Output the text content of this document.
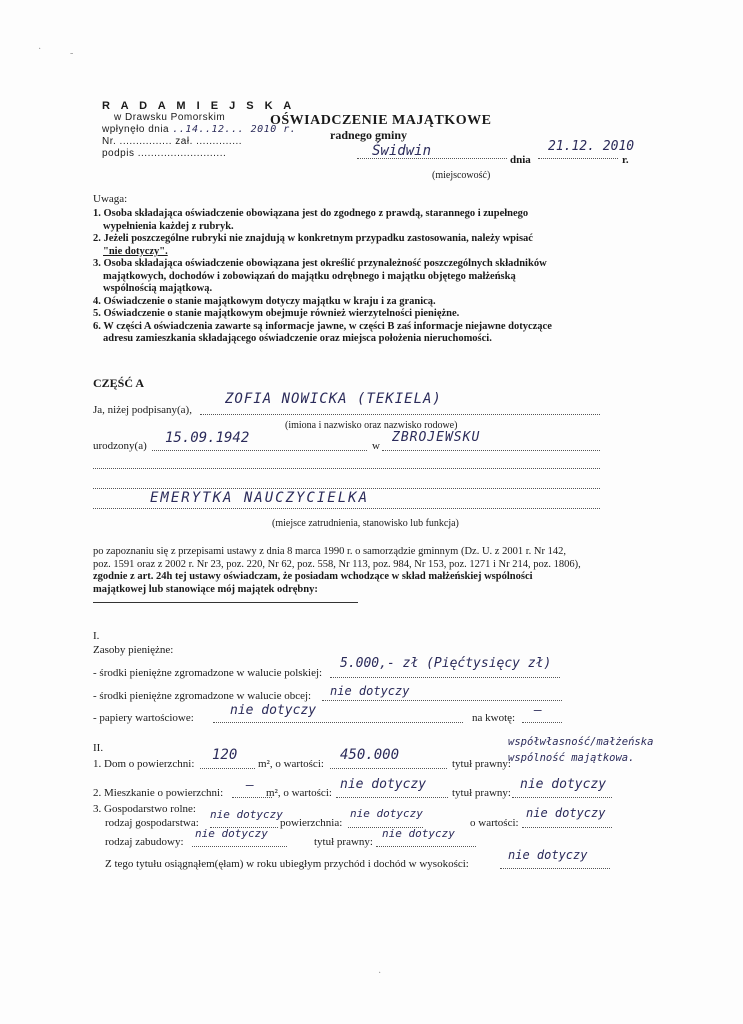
R A D A M I E J S K A
w Drawsku Pomorskim
wpłynęło dnia ..14..12... 2010 r.
Nr. ................ zał. ..............
podpis ...........................
OŚWIADCZENIE MAJĄTKOWE
radnego gminy
Świdwin
dnia
21.12. 2010
r.
(miejscowość)
Uwaga:

1. Osoba składająca oświadczenie obowiązana jest do zgodnego z prawdą, starannego i zupełnego

wypełnienia każdej z rubryk.

2. Jeżeli poszczególne rubryki nie znajdują w konkretnym przypadku zastosowania, należy wpisać

"nie dotyczy".

3. Osoba składająca oświadczenie obowiązana jest określić przynależność poszczególnych składników

majątkowych, dochodów i zobowiązań do majątku odrębnego i majątku objętego małżeńską

wspólnością majątkową.

4. Oświadczenie o stanie majątkowym dotyczy majątku w kraju i za granicą.

5. Oświadczenie o stanie majątkowym obejmuje również wierzytelności pieniężne.

6. W części A oświadczenia zawarte są informacje jawne, w części B zaś informacje niejawne dotyczące

adresu zamieszkania składającego oświadczenie oraz miejsca położenia nieruchomości.

CZĘŚĆ A
Ja, niżej podpisany(a),
ZOFIA NOWICKA (TEKIELA)
(imiona i nazwisko oraz nazwisko rodowe)
urodzony(a) 15.09.1942	w
ZBROJEWSKU
EMERYTKA NAUCZYCIELKA
(miejsce zatrudnienia, stanowisko lub funkcja)
po zapoznaniu się z przepisami ustawy z dnia 8 marca 1990 r. o samorządzie gminnym (Dz. U. z 2001 r. Nr 142,
poz. 1591 oraz z 2002 r. Nr 23, poz. 220, Nr 62, poz. 558, Nr 113, poz. 984, Nr 153, poz. 1271 i Nr 214, poz. 1806),
zgodnie z art. 24h tej ustawy oświadczam, że posiadam wchodzące w skład małżeńskiej wspólności
majątkowej lub stanowiące mój majątek odrębny:
I.
Zasoby pieniężne:
- środki pieniężne zgromadzone w walucie polskiej:
5.000,- zł (Pięćtysięcy zł)
- środki pieniężne zgromadzone w walucie obcej: nie dotyczy
- papiery wartościowe:	nie dotyczy	na kwotę: —
II.
1. Dom o powierzchni:
120
m², o wartości:
450.000
tytuł prawny:
współwłasność/małżeńska
wspólność majątkowa.
2. Mieszkanie o powierzchni: – m², o wartości:
nie dotyczy
tytuł prawny:
nie dotyczy
3. Gospodarstwo rolne:
rodzaj gospodarstwa:
nie dotyczy
powierzchnia:
nie dotyczy
o wartości:
nie dotyczy
rodzaj zabudowy:
nie dotyczy
tytuł prawny:
nie dotyczy
Z tego tytułu osiągnąłem(ęłam) w roku ubiegłym przychód i dochód w wysokości:
nie dotyczy
·	-
·
